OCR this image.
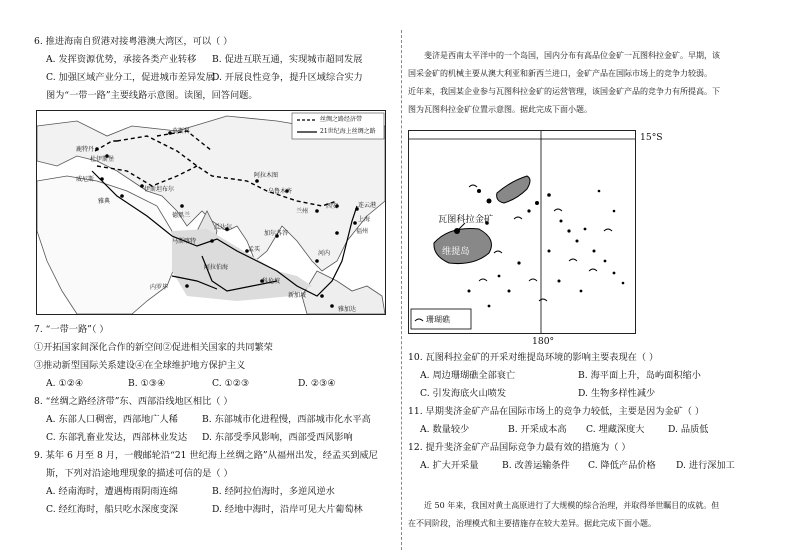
6. 推进海南自贸港对接粤港澳大湾区，可以（ ）
A. 发挥资源优势，承接各类产业转移 B. 促进互联互通，实现城市超同发展
C. 加强区域产业分工，促进城市差异发展
D. 开展良性竞争，提升区域综合实力
图为“一带一路”主要线路示意图。读图，回答问题。
丝绸之路经济带
21世纪海上丝绸之路
莫斯科
鹿特丹
杜伊斯堡
威尼斯
雅典
伊斯坦布尔
德黑兰
阿拉木图
乌鲁木齐
兰州
西安	连云港
上海
福州
加尔各答
瓜达尔
马斯喀特
孟买
内罗毕
阿拉伯海
科伦坡
河内
新加坡
雅加达
7. “一带一路”（ ）
①开拓国家间深化合作的新空间②促进相关国家的共同繁荣
③推动新型国际关系建设④在全球维护地方保护主义
A. ①②④	B. ①③④	C. ①②③	D. ②③④
8. “丝绸之路经济带”东、西部沿线地区相比（ ）
A. 东部人口稠密，西部地广人稀	B. 东部城市化进程慢，西部城市化水平高
C. 东部乳畜业发达，西部林业发达 D. 东部受季风影响，西部受西风影响
9. 某年 6 月至 8 月，一艘邮轮沿“21 世纪海上丝绸之路”从福州出发，经孟买到威尼
斯，下列对沿途地理现象的描述可信的是（ ）
A. 经南海时，遭遇梅雨阴雨连绵	B. 经阿拉伯海时，多逆风逆水
C. 经红海时，船只吃水深度变深	D. 经地中海时，沿岸可见大片葡萄林
斐济是西南太平洋中的一个岛国，国内分布有高品位金矿一瓦图科拉金矿。早期，该
国采金矿的机械主要从澳大利亚和新西兰进口，金矿产品在国际市场上的竞争力较弱。
近年来，我国某企业参与瓦图科拉金矿的运营管理，该国金矿产品的竞争力有所提高。下
图为瓦图科拉金矿位置示意图。据此完成下面小题。
15°S
180°
瓦图科拉金矿
维提岛
珊瑚礁
10. 瓦图科拉金矿的开采对维提岛环境的影响主要表现在（ ）
A. 周边珊瑚礁全部衰亡	B. 海平面上升，岛屿面积缩小
C. 引发海底火山喷发	D. 生物多样性减少
11. 早期斐济金矿产品在国际市场上的竞争力较低，主要是因为金矿（ ）
A. 数量较少	B. 开采成本高 C. 埋藏深度大	D. 品质低
12. 提升斐济金矿产品国际竞争力最有效的措施为（ ）
A. 扩大开采量	B. 改善运输条件 C. 降低产品价格 D. 进行深加工
近 50 年来，我国对黄土高原进行了大规模的综合治理，并取得举世瞩目的成就。但
在不同阶段，治理模式和主要措施存在较大差异。据此完成下面小题。
